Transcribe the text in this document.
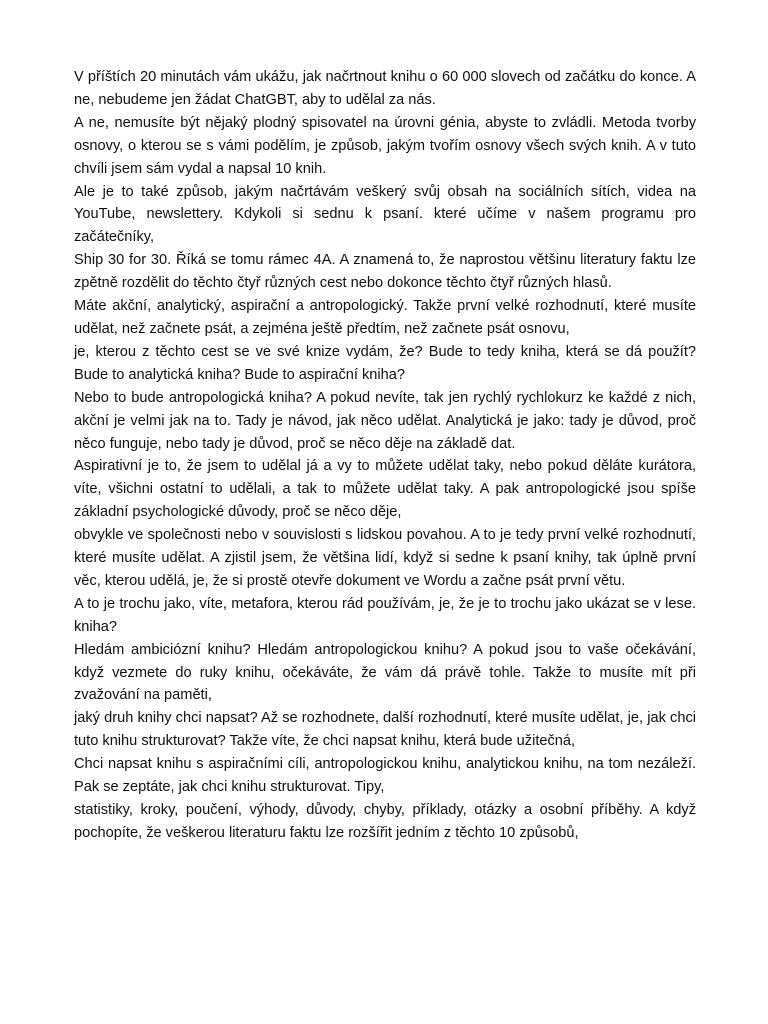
V příštích 20 minutách vám ukážu, jak načrtnout knihu o 60 000 slovech od začátku do konce. A ne, nebudeme jen žádat ChatGBT, aby to udělal za nás.

A ne, nemusíte být nějaký plodný spisovatel na úrovni génia, abyste to zvládli. Metoda tvorby osnovy, o kterou se s vámi podělím, je způsob, jakým tvořím osnovy všech svých knih. A v tuto chvíli jsem sám vydal a napsal 10 knih.

Ale je to také způsob, jakým načrtávám veškerý svůj obsah na sociálních sítích, videa na YouTube, newslettery. Kdykoli si sednu k psaní. které učíme v našem programu pro začátečníky,

Ship 30 for 30. Říká se tomu rámec 4A. A znamená to, že naprostou většinu literatury faktu lze zpětně rozdělit do těchto čtyř různých cest nebo dokonce těchto čtyř různých hlasů.

Máte akční, analytický, aspirační a antropologický. Takže první velké rozhodnutí, které musíte udělat, než začnete psát, a zejména ještě předtím, než začnete psát osnovu,

je, kterou z těchto cest se ve své knize vydám, že? Bude to tedy kniha, která se dá použít? Bude to analytická kniha? Bude to aspirační kniha?

Nebo to bude antropologická kniha? A pokud nevíte, tak jen rychlý rychlokurz ke každé z nich, akční je velmi jak na to. Tady je návod, jak něco udělat. Analytická je jako: tady je důvod, proč něco funguje, nebo tady je důvod, proč se něco děje na základě dat.

Aspirativní je to, že jsem to udělal já a vy to můžete udělat taky, nebo pokud děláte kurátora, víte, všichni ostatní to udělali, a tak to můžete udělat taky. A pak antropologické jsou spíše základní psychologické důvody, proč se něco děje,

obvykle ve společnosti nebo v souvislosti s lidskou povahou. A to je tedy první velké rozhodnutí, které musíte udělat. A zjistil jsem, že většina lidí, když si sedne k psaní knihy, tak úplně první věc, kterou udělá, je, že si prostě otevře dokument ve Wordu a začne psát první větu.

A to je trochu jako, víte, metafora, kterou rád používám, je, že je to trochu jako ukázat se v lese. kniha?

Hledám ambiciózní knihu? Hledám antropologickou knihu? A pokud jsou to vaše očekávání, když vezmete do ruky knihu, očekáváte, že vám dá právě tohle. Takže to musíte mít při zvažování na paměti,

jaký druh knihy chci napsat? Až se rozhodnete, další rozhodnutí, které musíte udělat, je, jak chci tuto knihu strukturovat? Takže víte, že chci napsat knihu, která bude užitečná,

Chci napsat knihu s aspiračními cíli, antropologickou knihu, analytickou knihu, na tom nezáleží. Pak se zeptáte, jak chci knihu strukturovat. Tipy,

statistiky, kroky, poučení, výhody, důvody, chyby, příklady, otázky a osobní příběhy. A když pochopíte, že veškerou literaturu faktu lze rozšířit jedním z těchto 10 způsobů,
